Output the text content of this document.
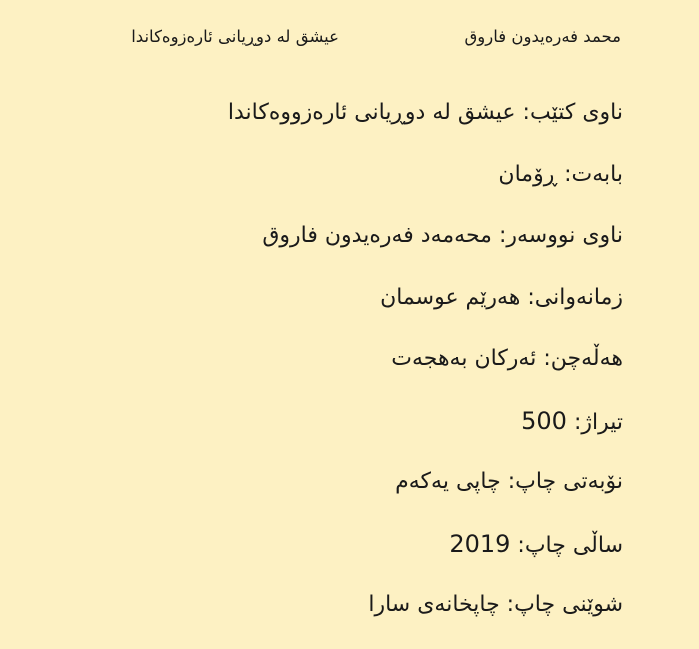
محمد فەرەیدون فاروق
عیشق لە دوڕیانی ئارەزوەکاندا
ناوی کتێب : عیشق لە دوڕیانی ئارەزووەکاندا
بابەت : ڕۆمان
ناوی نووسەر : محەمەد فەرەیدون فاروق
زمانەوانی : هەرێم عوسمان
هەڵەچن : ئەرکان بەهجەت
تیراژ : 500
نۆبەتی چاپ : چاپی یەکەم
ساڵی چاپ : 2019
شوێنی چاپ : چاپخانەی سارا
